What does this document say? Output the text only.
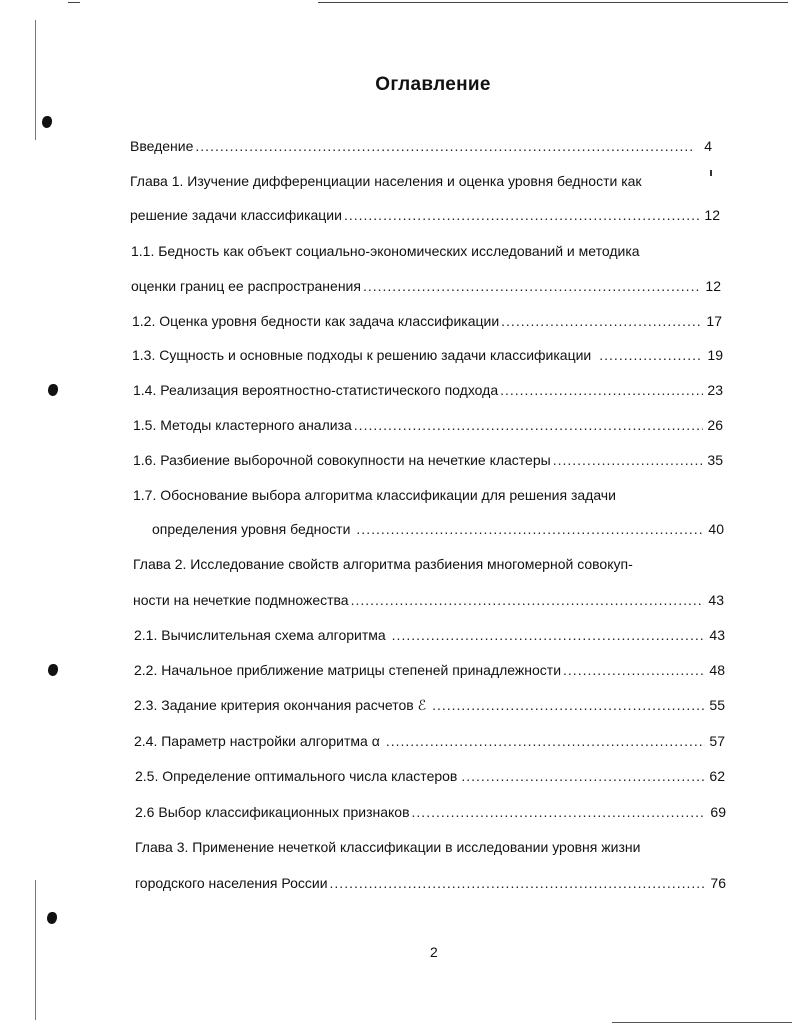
Оглавление
Введение .....	4
Глава 1. Изучение дифференциации населения и оценка уровня бедности как
решение задачи классификации .....	12
1.1. Бедность как объект социально-экономических исследований и методика
оценки границ ее распространения .....	12
1.2. Оценка уровня бедности как задача классификации .....	17
1.3. Сущность и основные подходы к решению задачи классификации .....	19
1.4. Реализация вероятностно-статистического подхода .....	23
1.5. Методы кластерного анализа .....	26
1.6. Разбиение выборочной совокупности на нечеткие кластеры .....	35
1.7. Обоснование выбора алгоритма классификации для решения задачи
определения уровня бедности .....	40
Глава 2. Исследование свойств алгоритма разбиения многомерной совокуп-
ности на нечеткие подмножества .....	43
2.1. Вычислительная схема алгоритма .....	43
2.2. Начальное приближение матрицы степеней принадлежности .....	48
2.3. Задание критерия окончания расчетов ℰ .....	55
2.4. Параметр настройки алгоритма α .....	57
2.5. Определение оптимального числа кластеров .....	62
2.6 Выбор классификационных признаков .....	69
Глава 3. Применение нечеткой классификации в исследовании уровня жизни
городского населения России .....	76
2
